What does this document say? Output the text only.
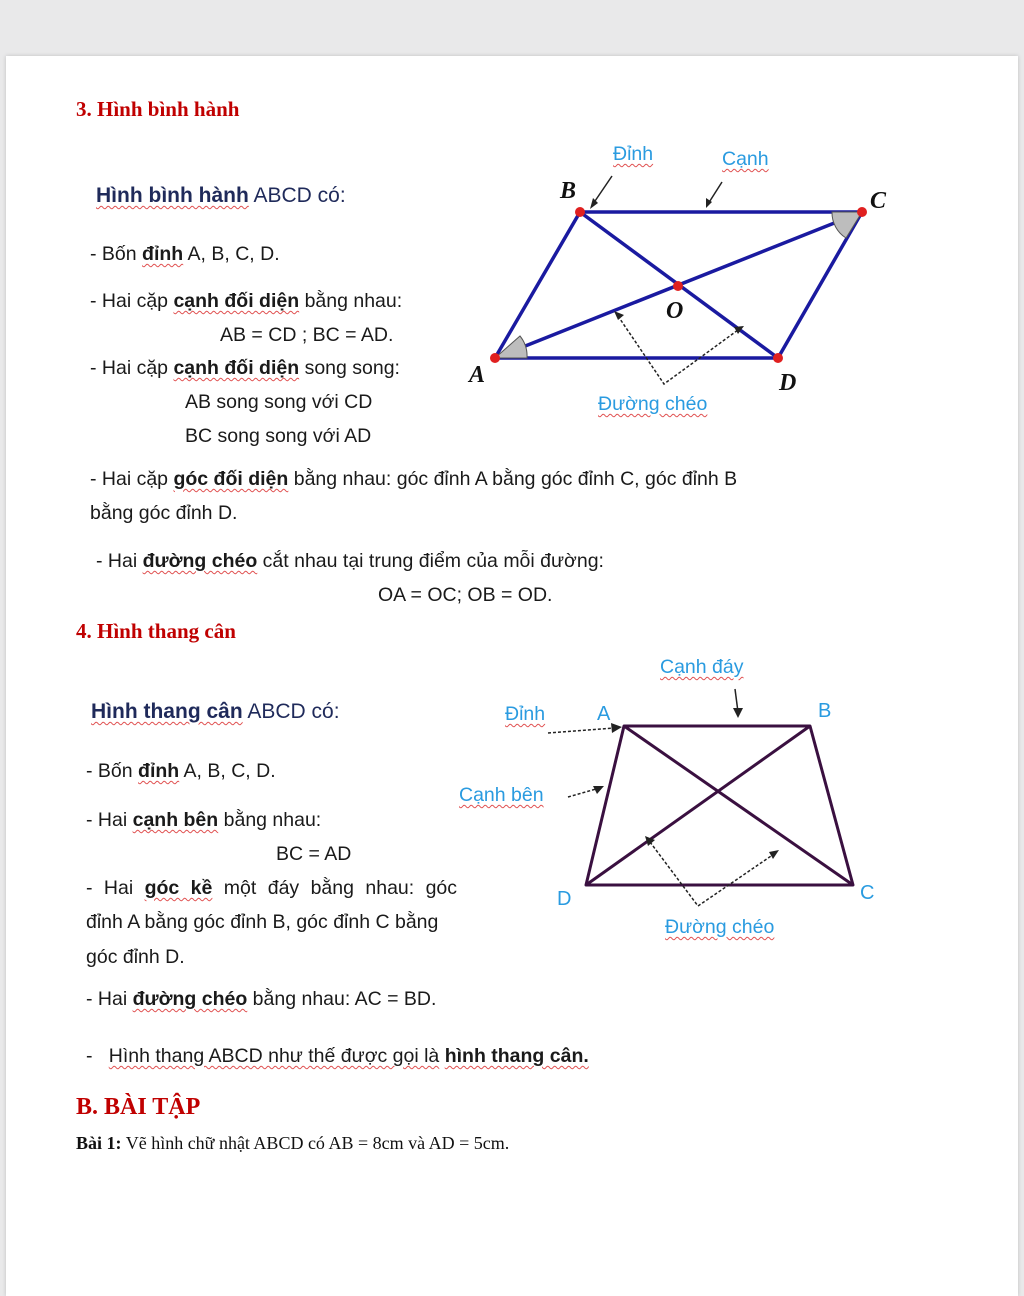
3. Hình bình hành
Hình bình hành ABCD có:
- Bốn đỉnh A, B, C, D.
- Hai cặp cạnh đối diện bằng nhau:
AB = CD ; BC = AD.
- Hai cặp cạnh đối diện song song:
AB song song với CD
BC song song với AD
- Hai cặp góc đối diện bằng nhau: góc đỉnh A bằng góc đỉnh C, góc đỉnh B
bằng góc đỉnh D.
- Hai đường chéo cắt nhau tại trung điểm của mỗi đường:
OA = OC; OB = OD.
Đỉnh	Cạnh
Đường chéo
B	C
A	D
O
4. Hình thang cân
Hình thang cân ABCD có:
- Bốn đỉnh A, B, C, D.
- Hai cạnh bên bằng nhau:
BC = AD
- Hai góc kề một đáy bằng nhau: góc
đỉnh A bằng góc đỉnh B, góc đỉnh C bằng
góc đỉnh D.
- Hai đường chéo bằng nhau: AC = BD.
- Hình thang ABCD như thế được gọi là hình thang cân.
Cạnh đáy
Đỉnh
Cạnh bên
Đường chéo
A	B
C
D
B. BÀI TẬP
Bài 1: Vẽ hình chữ nhật ABCD có AB = 8cm và AD = 5cm.
